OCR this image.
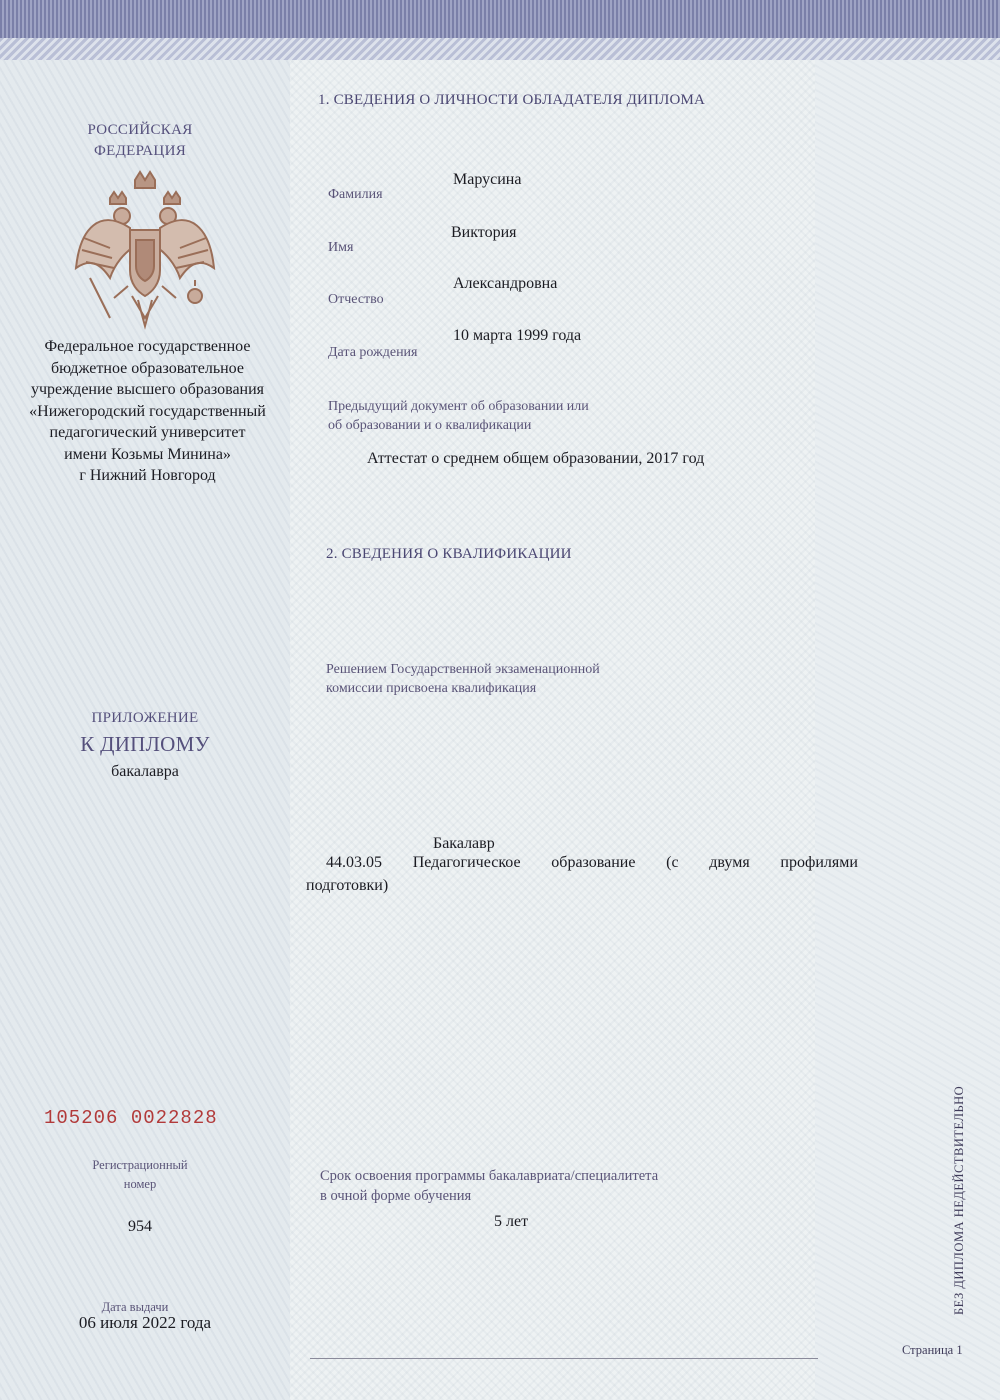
РОССИЙСКАЯ
ФЕДЕРАЦИЯ
Федеральное государственное
бюджетное образовательное
учреждение высшего образования
«Нижегородский государственный
педагогический университет
имени Козьмы Минина»
г Нижний Новгород
ПРИЛОЖЕНИЕ
К ДИПЛОМУ
бакалавра
105206 0022828
Регистрационный
номер
954
Дата выдачи
06 июля 2022 года
1. СВЕДЕНИЯ О ЛИЧНОСТИ ОБЛАДАТЕЛЯ ДИПЛОМА
Фамилия
Марусина
Имя
Виктория
Отчество
Александровна
Дата рождения
10 марта 1999 года
Предыдущий документ об образовании или
об образовании и о квалификации
Аттестат о среднем общем образовании, 2017 год
2. СВЕДЕНИЯ О КВАЛИФИКАЦИИ
Решением Государственной экзаменационной
комиссии присвоена квалификация
Бакалавр
44.03.05 Педагогическое образование (с двумя профилями
подготовки)
Срок освоения программы бакалавриата/специалитета
в очной форме обучения
5 лет
Страница 1
БЕЗ ДИПЛОМА НЕДЕЙСТВИТЕЛЬНО
